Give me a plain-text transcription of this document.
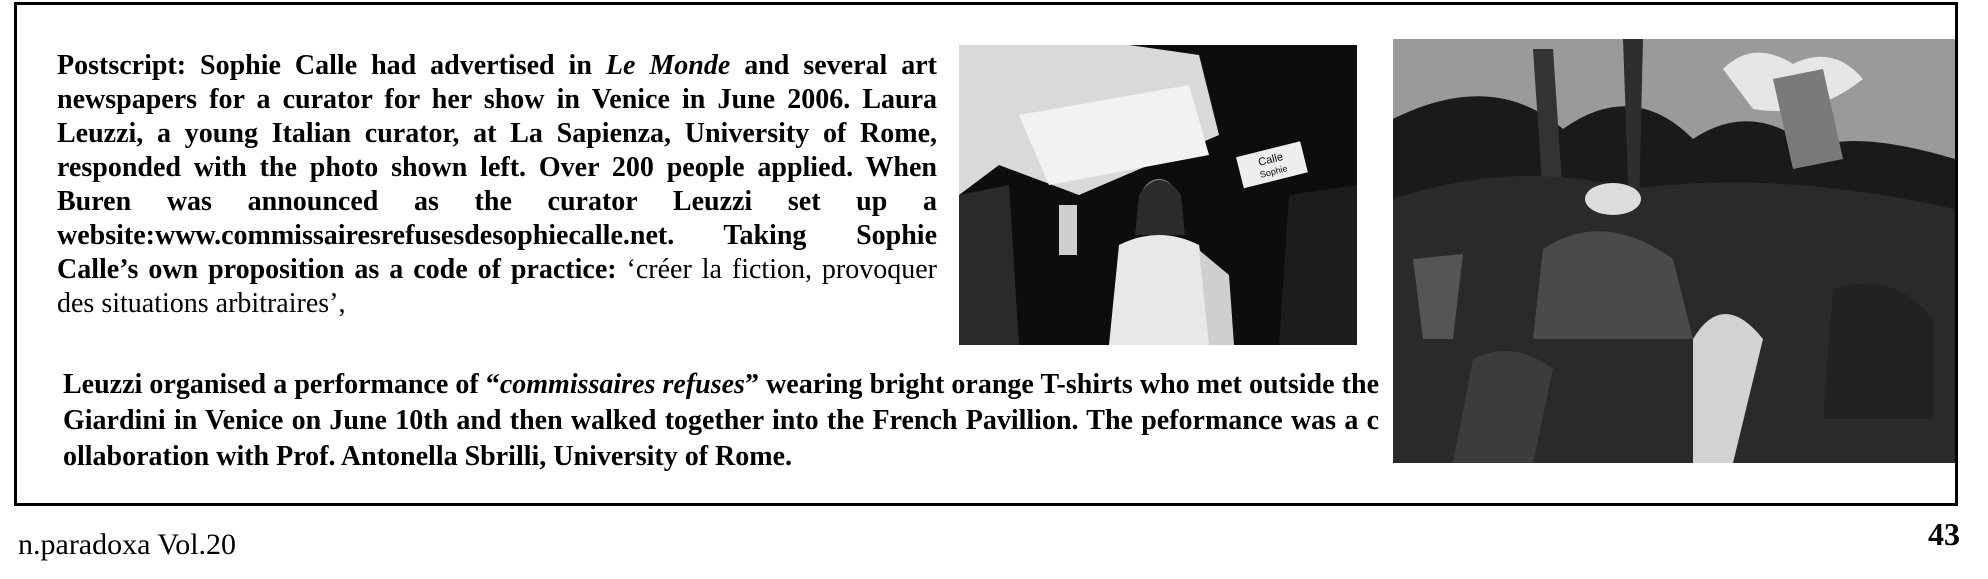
Postscript: Sophie Calle had advertised in Le Monde and several art newspapers for a curator for her show in Venice in June 2006. Laura Leuzzi, a young Italian curator, at La Sapienza, University of Rome, responded with the photo shown left. Over 200 people applied. When Buren was announced as the curator Leuzzi set up a website:www.commissairesrefusesdesophiecalle.net. Taking Sophie Calle’s own proposition as a code of practice: ‘créer la fiction, provoquer des situations arbitraires’,

Leuzzi organised a performance of “commissaires refuses” wearing bright orange T-shirts who met outside the Giardini in Venice on June 10th and then walked together into the French Pavillion. The peformance was a c ollaboration with Prof. Antonella Sbrilli, University of Rome.

Calle
Sophie
n.paradoxa Vol.20	43
